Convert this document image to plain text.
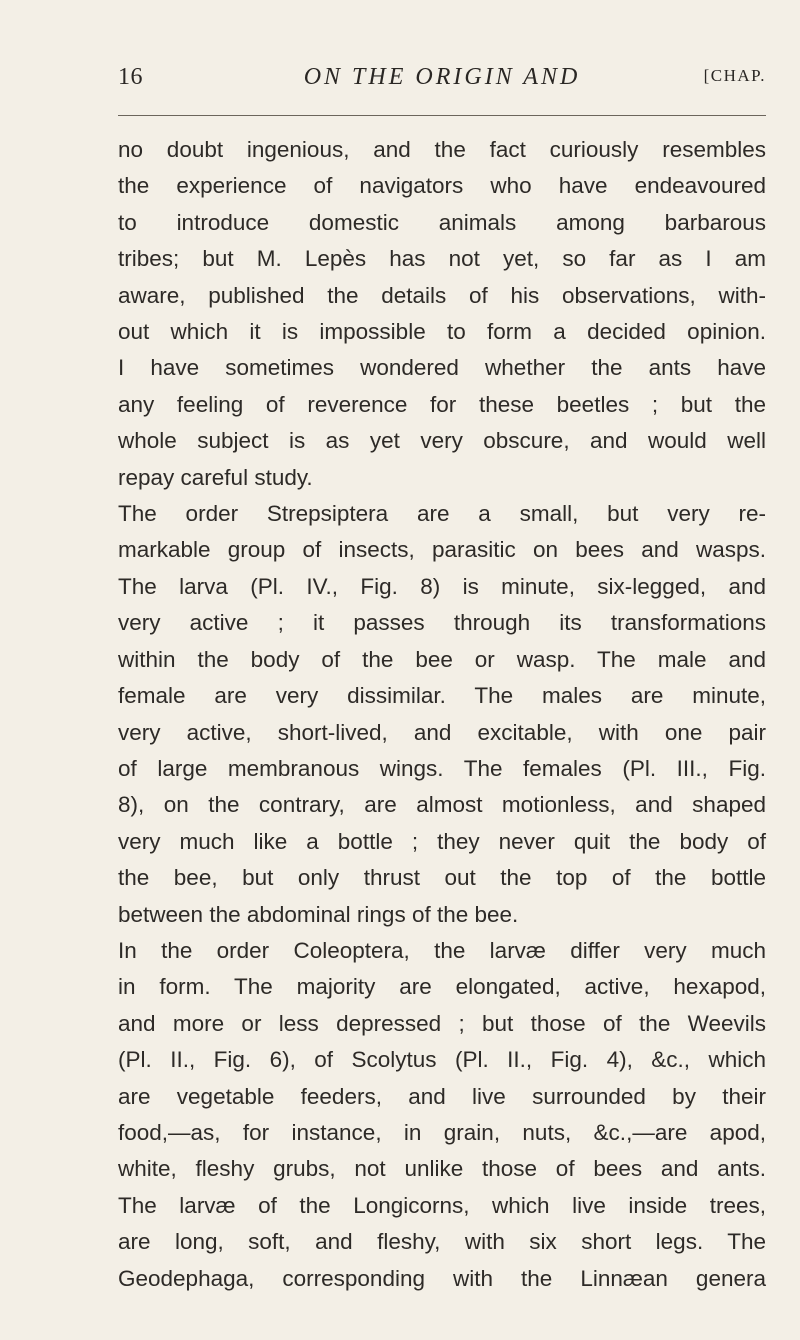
16	ON THE ORIGIN AND	[CHAP.
no doubt ingenious, and the fact curiously resembles
the experience of navigators who have endeavoured
to introduce domestic animals among barbarous
tribes; but M. Lepès has not yet, so far as I am
aware, published the details of his observations, with-
out which it is impossible to form a decided opinion.
I have sometimes wondered whether the ants have
any feeling of reverence for these beetles ; but the
whole subject is as yet very obscure, and would well
repay careful study.
The order Strepsiptera are a small, but very re-
markable group of insects, parasitic on bees and wasps.
The larva (Pl. IV., Fig. 8) is minute, six-legged, and
very active ; it passes through its transformations
within the body of the bee or wasp. The male and
female are very dissimilar. The males are minute,
very active, short-lived, and excitable, with one pair
of large membranous wings. The females (Pl. III., Fig.
8), on the contrary, are almost motionless, and shaped
very much like a bottle ; they never quit the body of
the bee, but only thrust out the top of the bottle
between the abdominal rings of the bee.
In the order Coleoptera, the larvæ differ very much
in form. The majority are elongated, active, hexapod,
and more or less depressed ; but those of the Weevils
(Pl. II., Fig. 6), of Scolytus (Pl. II., Fig. 4), &c., which
are vegetable feeders, and live surrounded by their
food,—as, for instance, in grain, nuts, &c.,—are apod,
white, fleshy grubs, not unlike those of bees and ants.
The larvæ of the Longicorns, which live inside trees,
are long, soft, and fleshy, with six short legs. The
Geodephaga, corresponding with the Linnæan genera
